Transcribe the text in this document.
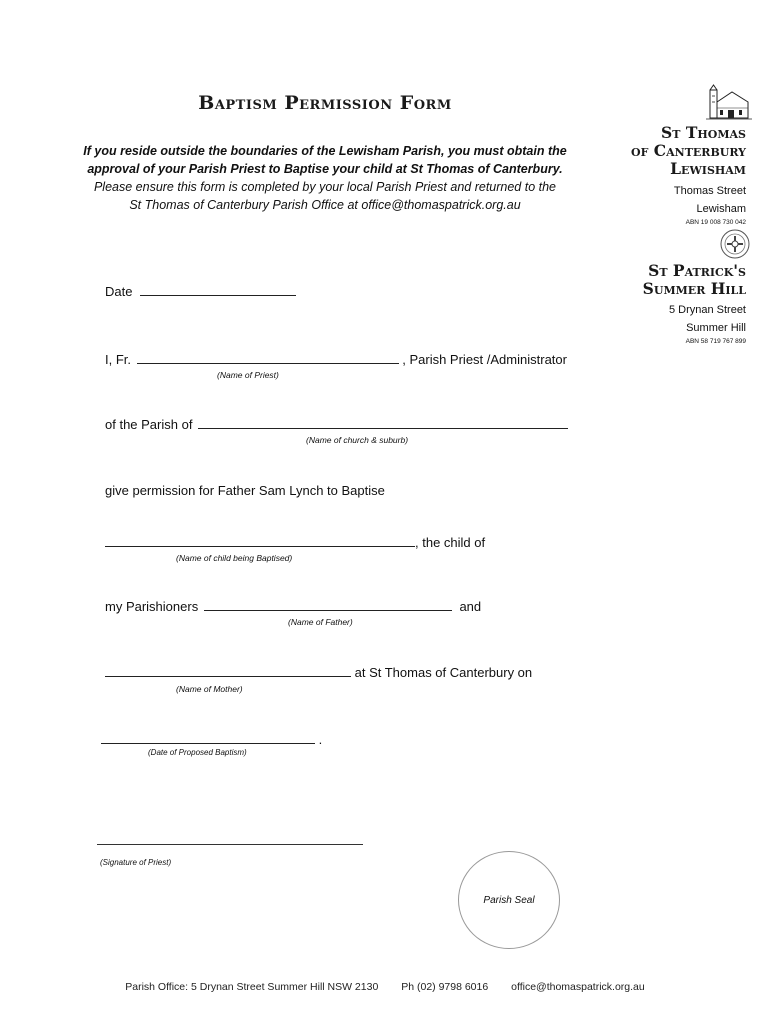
Baptism Permission Form
If you reside outside the boundaries of the Lewisham Parish, you must obtain the
approval of your Parish Priest to Baptise your child at St Thomas of Canterbury.
Please ensure this form is completed by your local Parish Priest and returned to the
St Thomas of Canterbury Parish Office at office@thomaspatrick.org.au
St Thomas
of Canterbury
Lewisham
Thomas Street
Lewisham
ABN 19 008 730 042
St Patrick's
Summer Hill
5 Drynan Street
Summer Hill
ABN 58 719 767 899
Date
I, Fr.	, Parish Priest /Administrator
(Name of Priest)
of the Parish of
(Name of church & suburb)
give permission for Father Sam Lynch to Baptise
, the child of
(Name of child being Baptised)
my Parishioners	and
(Name of Father)
at St Thomas of Canterbury on
(Name of Mother)
.
(Date of Proposed Baptism)
(Signature of Priest)
Parish Seal
Parish Office: 5 Drynan Street Summer Hill NSW 2130 Ph (02) 9798 6016 office@thomaspatrick.org.au
